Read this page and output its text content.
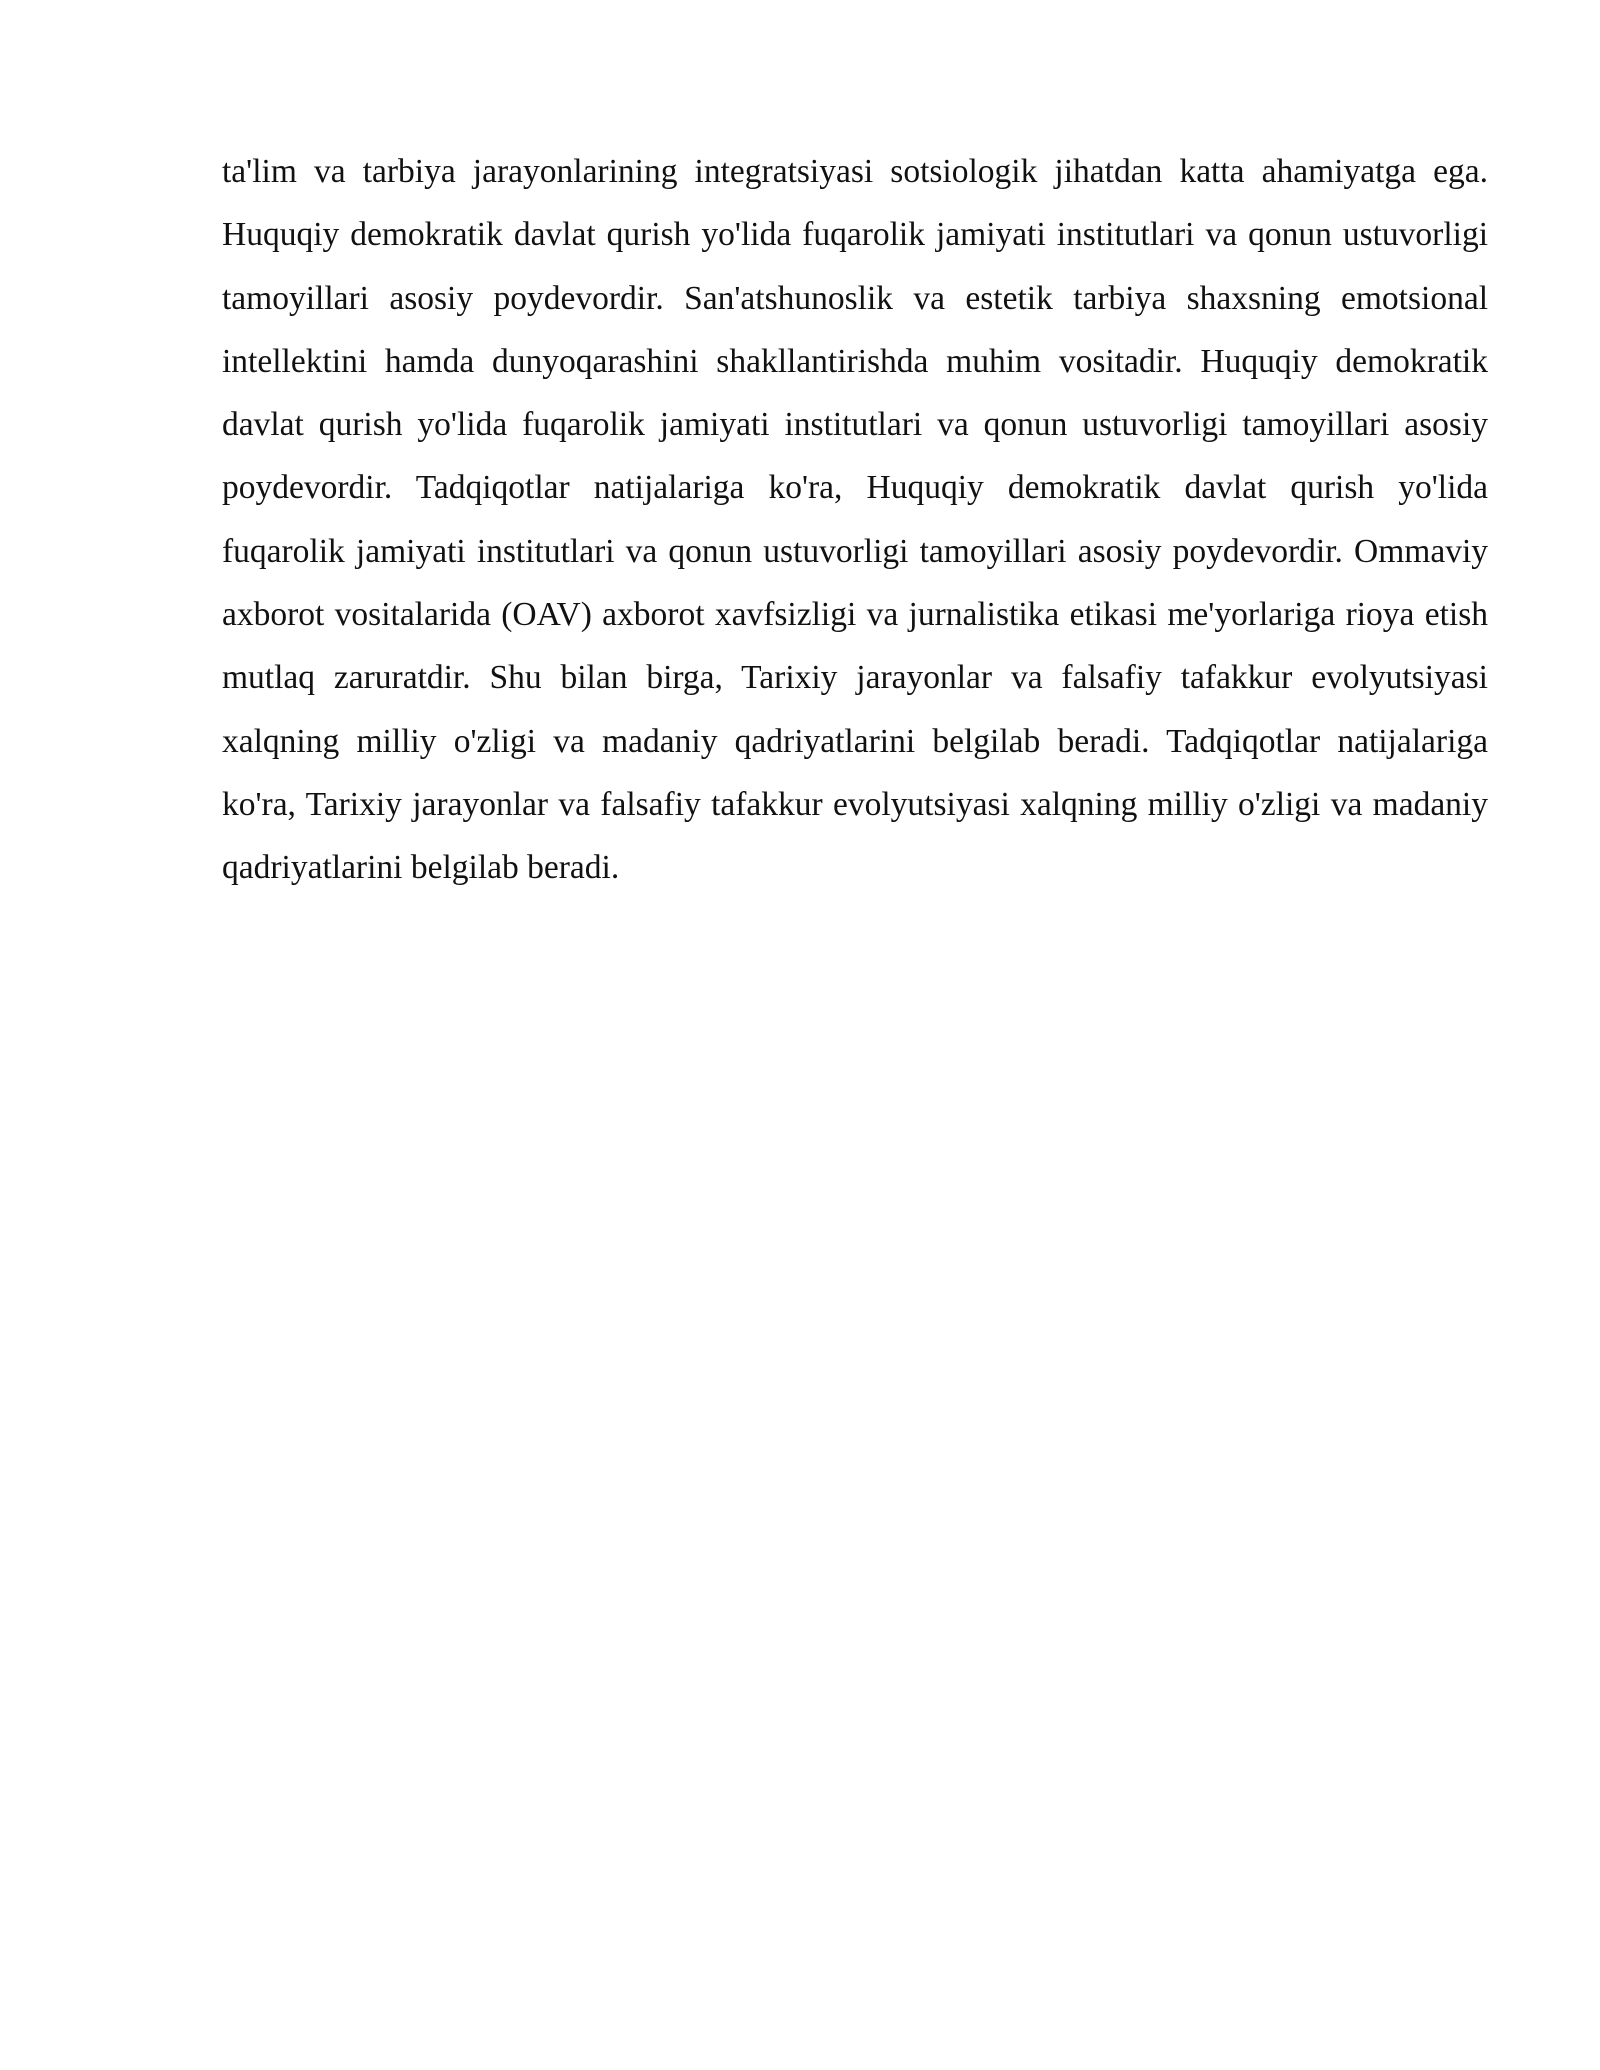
ta'lim va tarbiya jarayonlarining integratsiyasi sotsiologik jihatdan katta ahamiyatga ega. Huquqiy demokratik davlat qurish yo'lida fuqarolik jamiyati institutlari va qonun ustuvorligi tamoyillari asosiy poydevordir. San'atshunoslik va estetik tarbiya shaxsning emotsional intellektini hamda dunyoqarashini shakllantirishda muhim vositadir. Huquqiy demokratik davlat qurish yo'lida fuqarolik jamiyati institutlari va qonun ustuvorligi tamoyillari asosiy poydevordir. Tadqiqotlar natijalariga ko'ra, Huquqiy demokratik davlat qurish yo'lida fuqarolik jamiyati institutlari va qonun ustuvorligi tamoyillari asosiy poydevordir. Ommaviy axborot vositalarida (OAV) axborot xavfsizligi va jurnalistika etikasi me'yorlariga rioya etish mutlaq zaruratdir. Shu bilan birga, Tarixiy jarayonlar va falsafiy tafakkur evolyutsiyasi xalqning milliy o'zligi va madaniy qadriyatlarini belgilab beradi. Tadqiqotlar natijalariga ko'ra, Tarixiy jarayonlar va falsafiy tafakkur evolyutsiyasi xalqning milliy o'zligi va madaniy qadriyatlarini belgilab beradi.
